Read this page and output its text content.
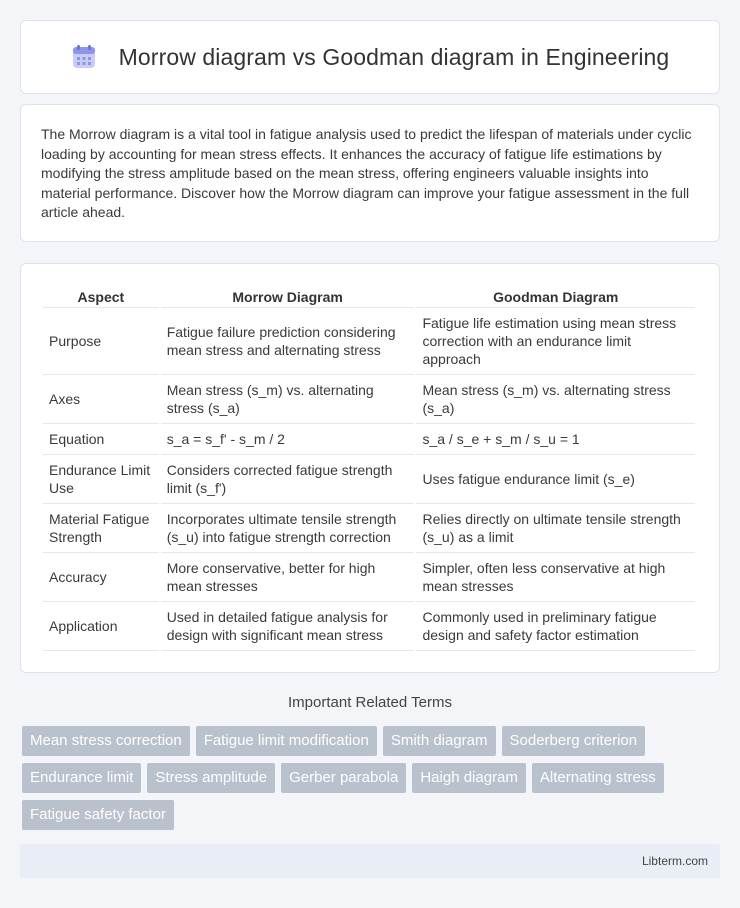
Morrow diagram vs Goodman diagram in Engineering

The Morrow diagram is a vital tool in fatigue analysis used to predict the lifespan of materials under cyclic loading by accounting for mean stress effects. It enhances the accuracy of fatigue life estimations by modifying the stress amplitude based on the mean stress, offering engineers valuable insights into material performance. Discover how the Morrow diagram can improve your fatigue assessment in the full article ahead.

Aspect	Morrow Diagram	Goodman Diagram
Purpose	Fatigue failure prediction considering mean stress and alternating stress	Fatigue life estimation using mean stress correction with an endurance limit approach
Axes	Mean stress (s_m) vs. alternating stress (s_a)	Mean stress (s_m) vs. alternating stress (s_a)
Equation	s_a = s_f' - s_m / 2	s_a / s_e + s_m / s_u = 1
Endurance Limit Use	Considers corrected fatigue strength limit (s_f')	Uses fatigue endurance limit (s_e)
Material Fatigue Strength	Incorporates ultimate tensile strength (s_u) into fatigue strength correction	Relies directly on ultimate tensile strength (s_u) as a limit
Accuracy	More conservative, better for high mean stresses	Simpler, often less conservative at high mean stresses
Application	Used in detailed fatigue analysis for design with significant mean stress	Commonly used in preliminary fatigue design and safety factor estimation
Important Related Terms
Mean stress correction	Fatigue limit modification	Smith diagram	Soderberg criterion
Endurance limit	Stress amplitude	Gerber parabola	Haigh diagram	Alternating stress
Fatigue safety factor
Libterm.com
